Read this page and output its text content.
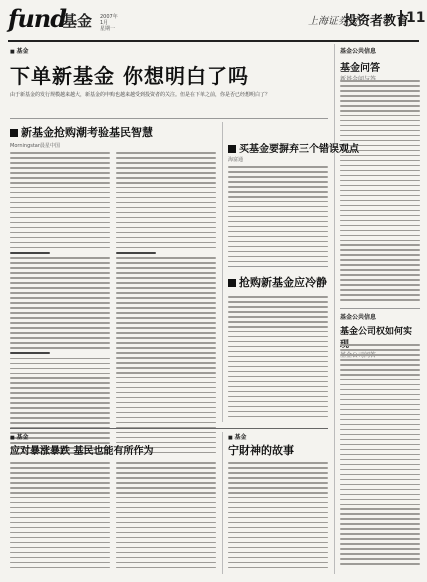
fund
基金 2007年
1月
星期一
上海证券报
投资者教育
11
■ 基金
下单新基金 你想明白了吗
由于新基金的发行规模越来越大，新基金的申购也越来越受到投资者的关注。但是在下单之前，你是否已经想明白了？
基金公共信息
基金问答
基金公共信息
基金公司权如何实
新基金抢购潮考验基民智慧
Morningstar晨星中国	买基金要摒弃三个错误观点
海富通
抢购新基金应冷静
■ 基金
应对暴涨暴跌 基民也能有所作为
■ 基金
宁財神的故事
